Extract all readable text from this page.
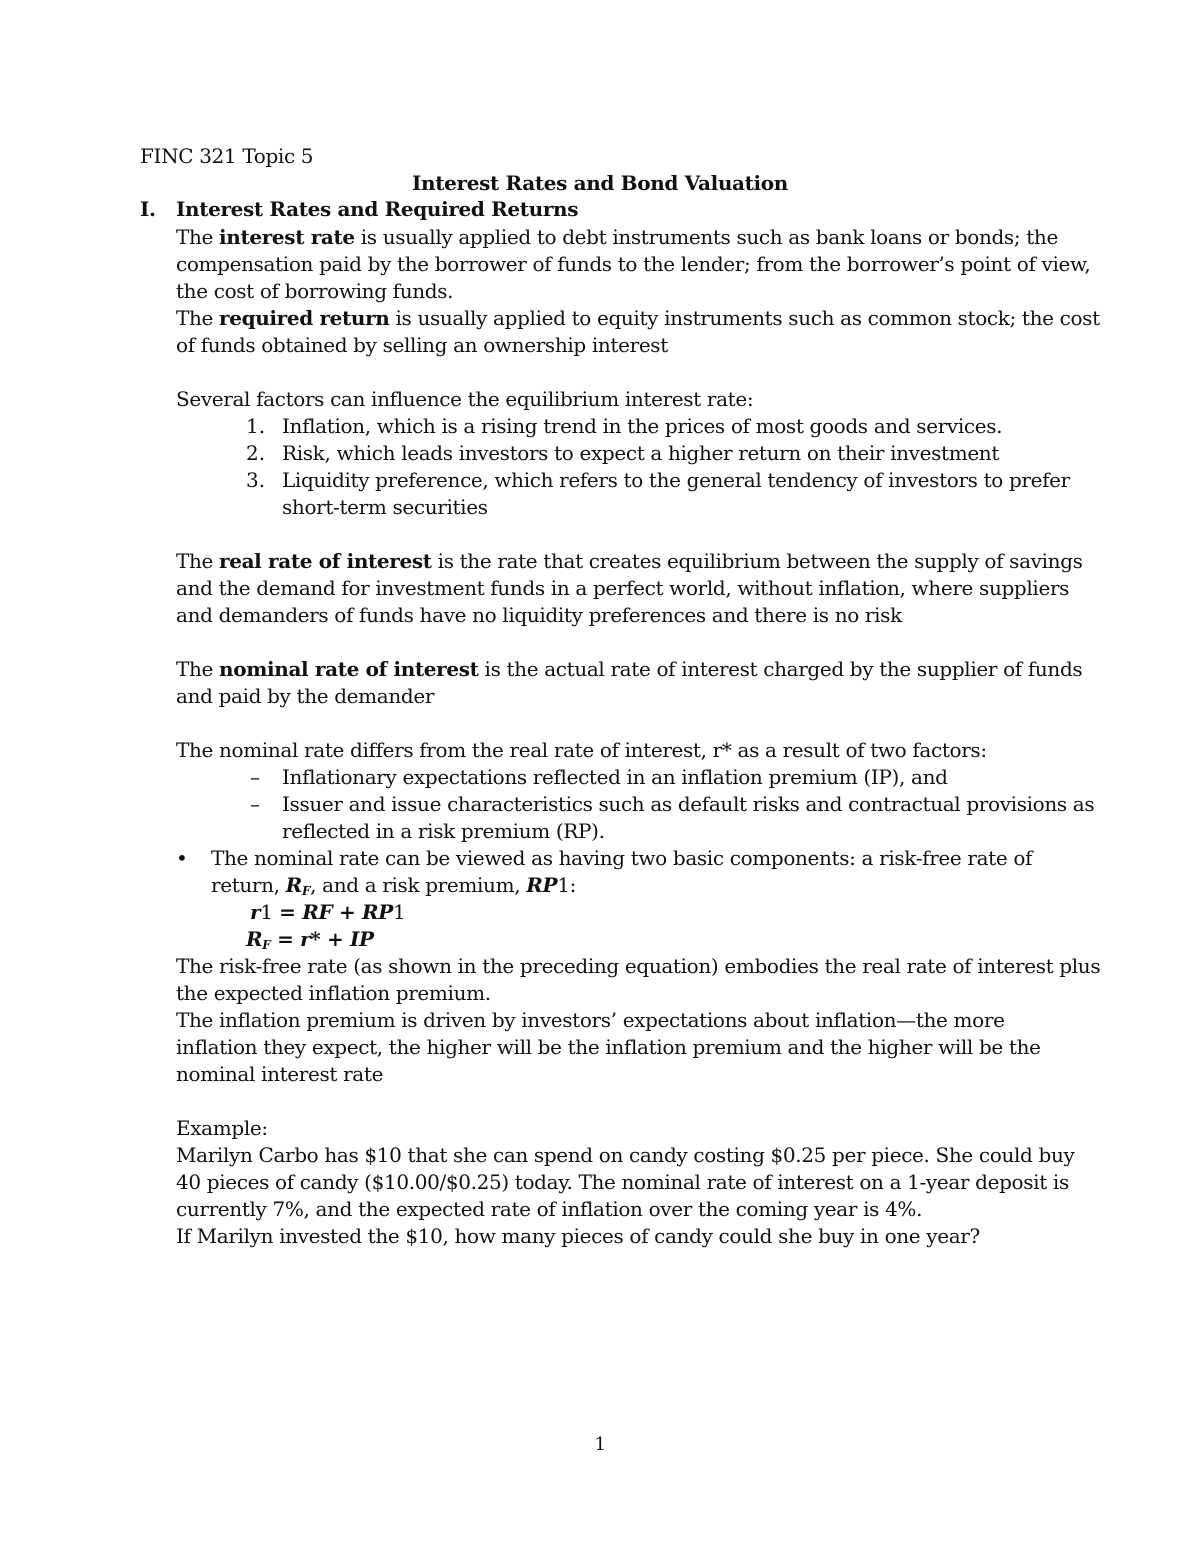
FINC 321 Topic 5
Interest Rates and Bond Valuation
I. Interest Rates and Required Returns
The interest rate is usually applied to debt instruments such as bank loans or bonds; the
compensation paid by the borrower of funds to the lender; from the borrower’s point of view,
the cost of borrowing funds.
The required return is usually applied to equity instruments such as common stock; the cost
of funds obtained by selling an ownership interest
Several factors can influence the equilibrium interest rate:
1. Inflation, which is a rising trend in the prices of most goods and services.
2. Risk, which leads investors to expect a higher return on their investment
3. Liquidity preference, which refers to the general tendency of investors to prefer
short-term securities
The real rate of interest is the rate that creates equilibrium between the supply of savings
and the demand for investment funds in a perfect world, without inflation, where suppliers
and demanders of funds have no liquidity preferences and there is no risk
The nominal rate of interest is the actual rate of interest charged by the supplier of funds
and paid by the demander
The nominal rate differs from the real rate of interest, r* as a result of two factors:
– Inflationary expectations reflected in an inflation premium (IP), and
– Issuer and issue characteristics such as default risks and contractual provisions as
reflected in a risk premium (RP).
• The nominal rate can be viewed as having two basic components: a risk-free rate of
return, $R_F$, and a risk premium, RP1:
r1 = RF + RP1
$R_F = r*$ + IP
The risk-free rate (as shown in the preceding equation) embodies the real rate of interest plus
the expected inflation premium.
The inflation premium is driven by investors’ expectations about inflation—the more
inflation they expect, the higher will be the inflation premium and the higher will be the
nominal interest rate
Example:
Marilyn Carbo has $10 that she can spend on candy costing $0.25 per piece. She could buy
40 pieces of candy ($10.00/$0.25) today. The nominal rate of interest on a 1-year deposit is
currently 7%, and the expected rate of inflation over the coming year is 4%.
If Marilyn invested the $10, how many pieces of candy could she buy in one year?
1
